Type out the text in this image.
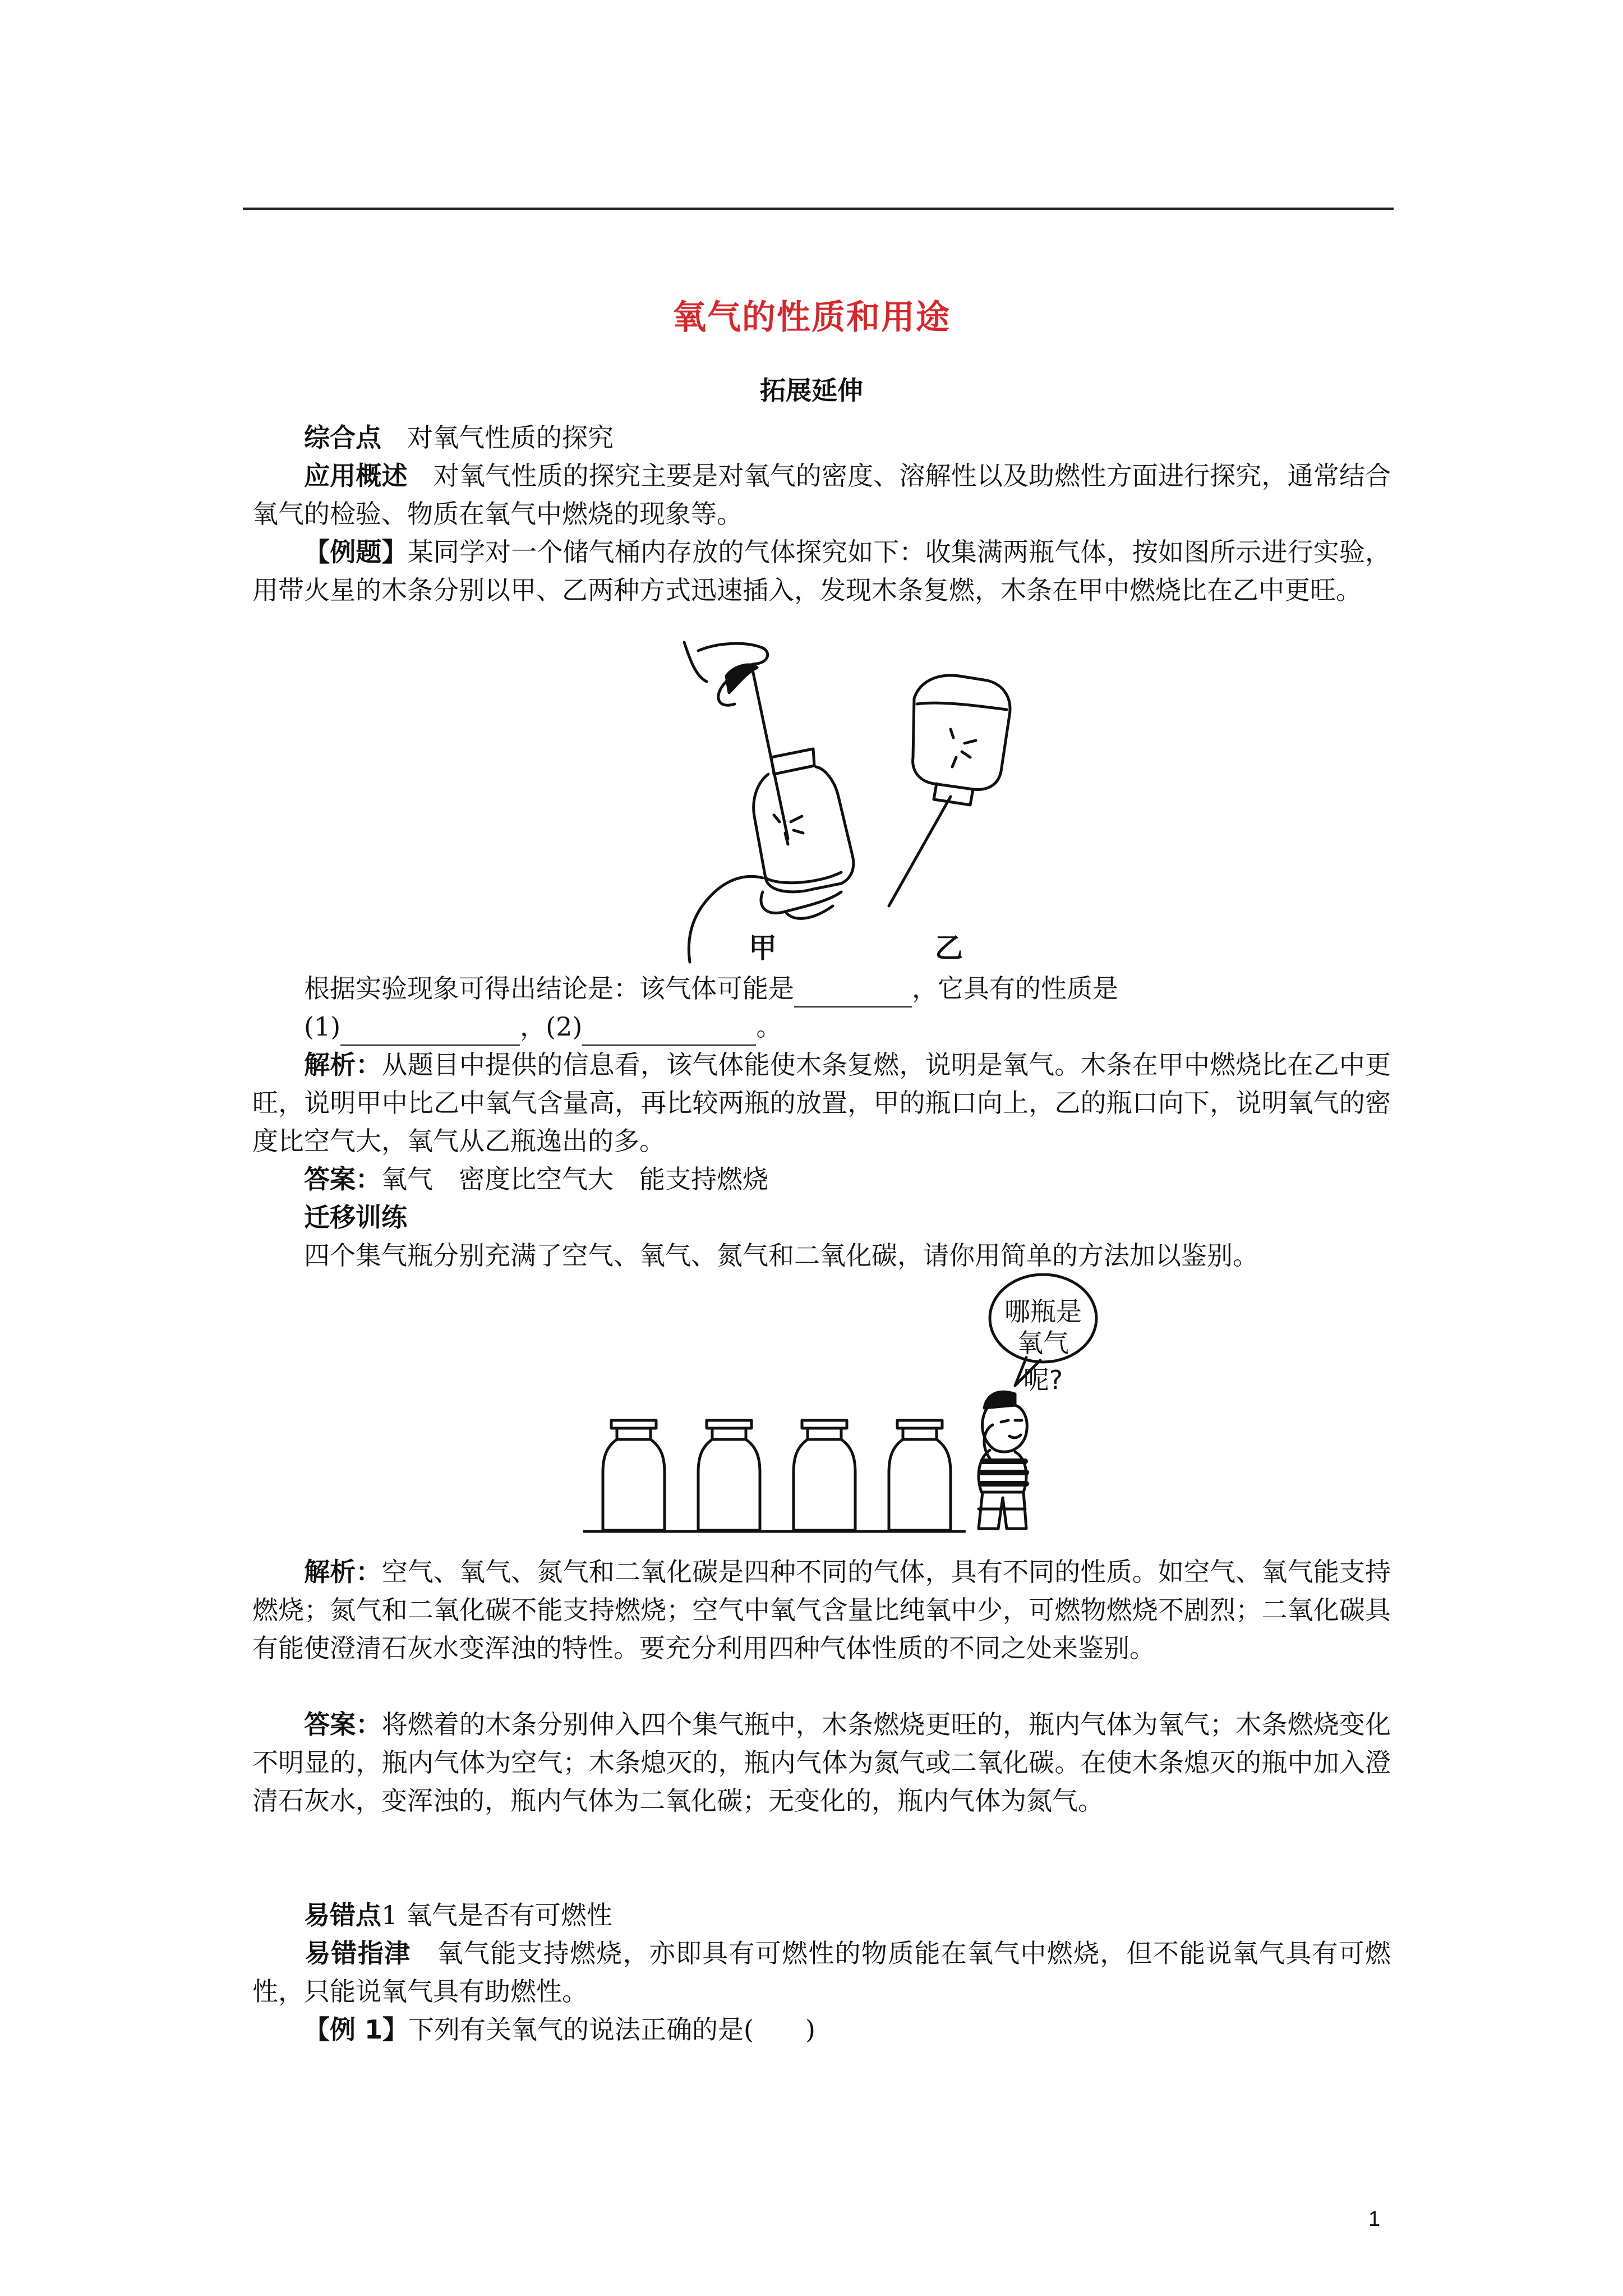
氧气的性质和用途
拓展延伸
综合点　 对氧气性质的探究
应用概述　 对氧气性质的探究主要是对氧气的密度、溶解性以及助燃性方面进行探究，通常结合氧气的检验、物质在氧气中燃烧的现象等。
【例题】某同学对一个储气桶内存放的气体探究如下：收集满两瓶气体，按如图所示进行实验，用带火星的木条分别以甲、乙两种方式迅速插入，发现木条复燃，木条在甲中燃烧比在乙中更旺。
甲	乙
根据实验现象可得出结论是：该气体可能是	，它具有的性质是
(1)	，(2)	。
解析：从题目中提供的信息看，该气体能使木条复燃，说明是氧气。木条在甲中燃烧比在乙中更旺，说明甲中比乙中氧气含量高，再比较两瓶的放置，甲的瓶口向上，乙的瓶口向下，说明氧气的密度比空气大，氧气从乙瓶逸出的多。
答案：氧气　密度比空气大　能支持燃烧
迁移训练
四个集气瓶分别充满了空气、氧气、氮气和二氧化碳，请你用简单的方法加以鉴别。
哪瓶是
氧气呢?
解析：空气、氧气、氮气和二氧化碳是四种不同的气体，具有不同的性质。如空气、氧气能支持燃烧；氮气和二氧化碳不能支持燃烧；空气中氧气含量比纯氧中少，可燃物燃烧不剧烈；二氧化碳具有能使澄清石灰水变浑浊的特性。要充分利用四种气体性质的不同之处来鉴别。
答案：将燃着的木条分别伸入四个集气瓶中，木条燃烧更旺的，瓶内气体为氧气；木条燃烧变化不明显的，瓶内气体为空气；木条熄灭的，瓶内气体为氮气或二氧化碳。在使木条熄灭的瓶中加入澄清石灰水，变浑浊的，瓶内气体为二氧化碳；无变化的，瓶内气体为氮气。
易错点1 氧气是否有可燃性
易错指津　 氧气能支持燃烧，亦即具有可燃性的物质能在氧气中燃烧，但不能说氧气具有可燃性，只能说氧气具有助燃性。
【例 1】下列有关氧气的说法正确的是(　　)
1
